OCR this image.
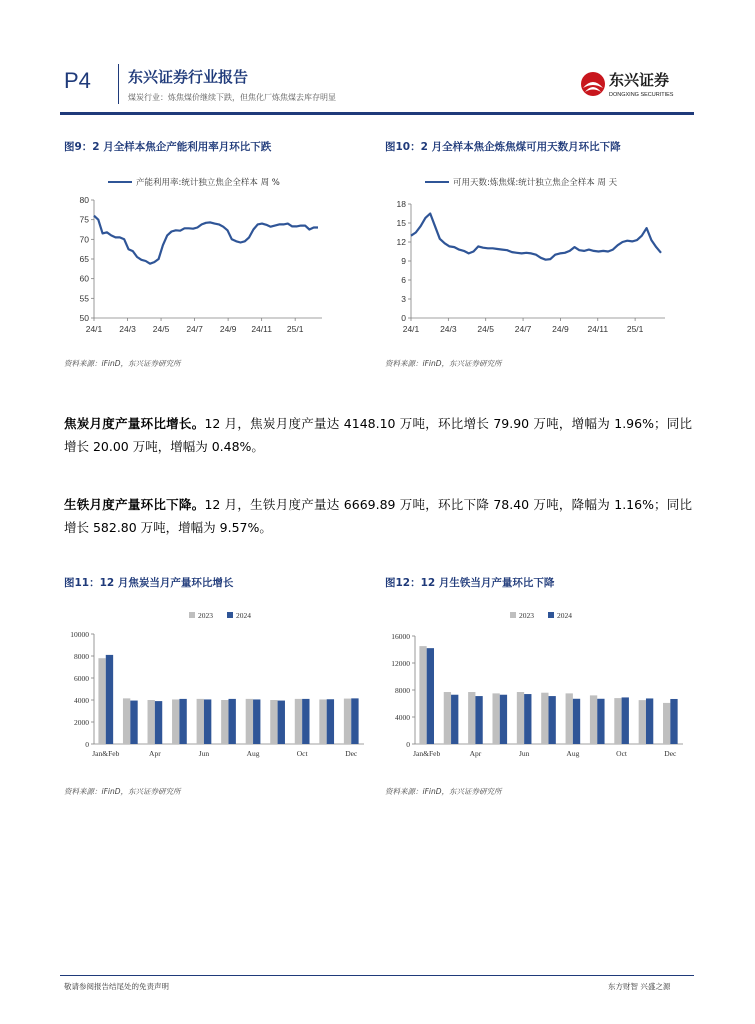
P4 东兴证券行业报告
煤炭行业：炼焦煤价继续下跌，但焦化厂炼焦煤去库存明显
东兴证券
DONGXING SECURITIES
图9：2 月全样本焦企产能利用率月环比下跌
产能利用率:统计独立焦企全样本 周 %
50
55
60
65
70
75
80
24/1 24/3 24/5 24/7 24/9 24/11 25/1
资料来源：iFinD，东兴证券研究所
图10：2 月全样本焦企炼焦煤可用天数月环比下降
可用天数:炼焦煤:统计独立焦企全样本 周 天
0
3
6
9
12
15
18
24/1 24/3 24/5 24/7 24/9 24/11 25/1
资料来源：iFinD，东兴证券研究所
焦炭月度产量环比增长。12 月，焦炭月度产量达 4148.10 万吨，环比增长 79.90 万吨，增幅为 1.96%；同比增长 20.00 万吨，增幅为 0.48%。
生铁月度产量环比下降。12 月，生铁月度产量达 6669.89 万吨，环比下降 78.40 万吨，降幅为 1.16%；同比增长 582.80 万吨，增幅为 9.57%。
图11：12 月焦炭当月产量环比增长
2023	2024
0
2000
4000
6000
8000
10000
Jan&Feb	Apr	Jun	Aug	Oct	Dec
资料来源：iFinD，东兴证券研究所
图12：12 月生铁当月产量环比下降
2023	2024
0
4000
8000
12000
16000
Jan&Feb	Apr	Jun	Aug	Oct	Dec
资料来源：iFinD，东兴证券研究所
敬请参阅报告结尾处的免责声明	东方财智 兴盛之源
